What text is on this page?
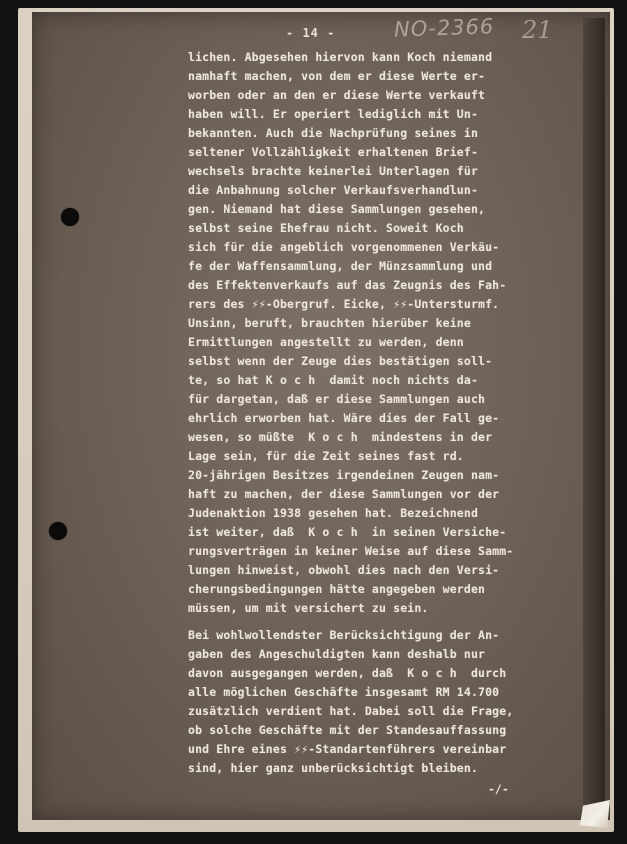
- 14 -	NO-2366 21
lichen. Abgesehen hiervon kann Koch niemand
namhaft machen, von dem er diese Werte er-
worben oder an den er diese Werte verkauft
haben will. Er operiert lediglich mit Un-
bekannten. Auch die Nachprüfung seines in
seltener Vollzähligkeit erhaltenen Brief-
wechsels brachte keinerlei Unterlagen für
die Anbahnung solcher Verkaufsverhandlun-
gen. Niemand hat diese Sammlungen gesehen,
selbst seine Ehefrau nicht. Soweit Koch
sich für die angeblich vorgenommenen Verkäu-
fe der Waffensammlung, der Münzsammlung und
des Effektenverkaufs auf das Zeugnis des Fah-
rers des ⚡⚡-Obergruf. Eicke, ⚡⚡-Untersturmf.
Unsinn, beruft, brauchten hierüber keine
Ermittlungen angestellt zu werden, denn
selbst wenn der Zeuge dies bestätigen soll-
te, so hat K o c h  damit noch nichts da-
für dargetan, daß er diese Sammlungen auch
ehrlich erworben hat. Wäre dies der Fall ge-
wesen, so müßte  K o c h  mindestens in der
Lage sein, für die Zeit seines fast rd.
20-jährigen Besitzes irgendeinen Zeugen nam-
haft zu machen, der diese Sammlungen vor der
Judenaktion 1938 gesehen hat. Bezeichnend
ist weiter, daß  K o c h  in seinen Versiche-
rungsverträgen in keiner Weise auf diese Samm-
lungen hinweist, obwohl dies nach den Versi-
cherungsbedingungen hätte angegeben werden
müssen, um mit versichert zu sein.
Bei wohlwollendster Berücksichtigung der An-
gaben des Angeschuldigten kann deshalb nur
davon ausgegangen werden, daß  K o c h  durch
alle möglichen Geschäfte insgesamt RM 14.700
zusätzlich verdient hat. Dabei soll die Frage,
ob solche Geschäfte mit der Standesauffassung
und Ehre eines ⚡⚡-Standartenführers vereinbar
sind, hier ganz unberücksichtigt bleiben.
-/-
